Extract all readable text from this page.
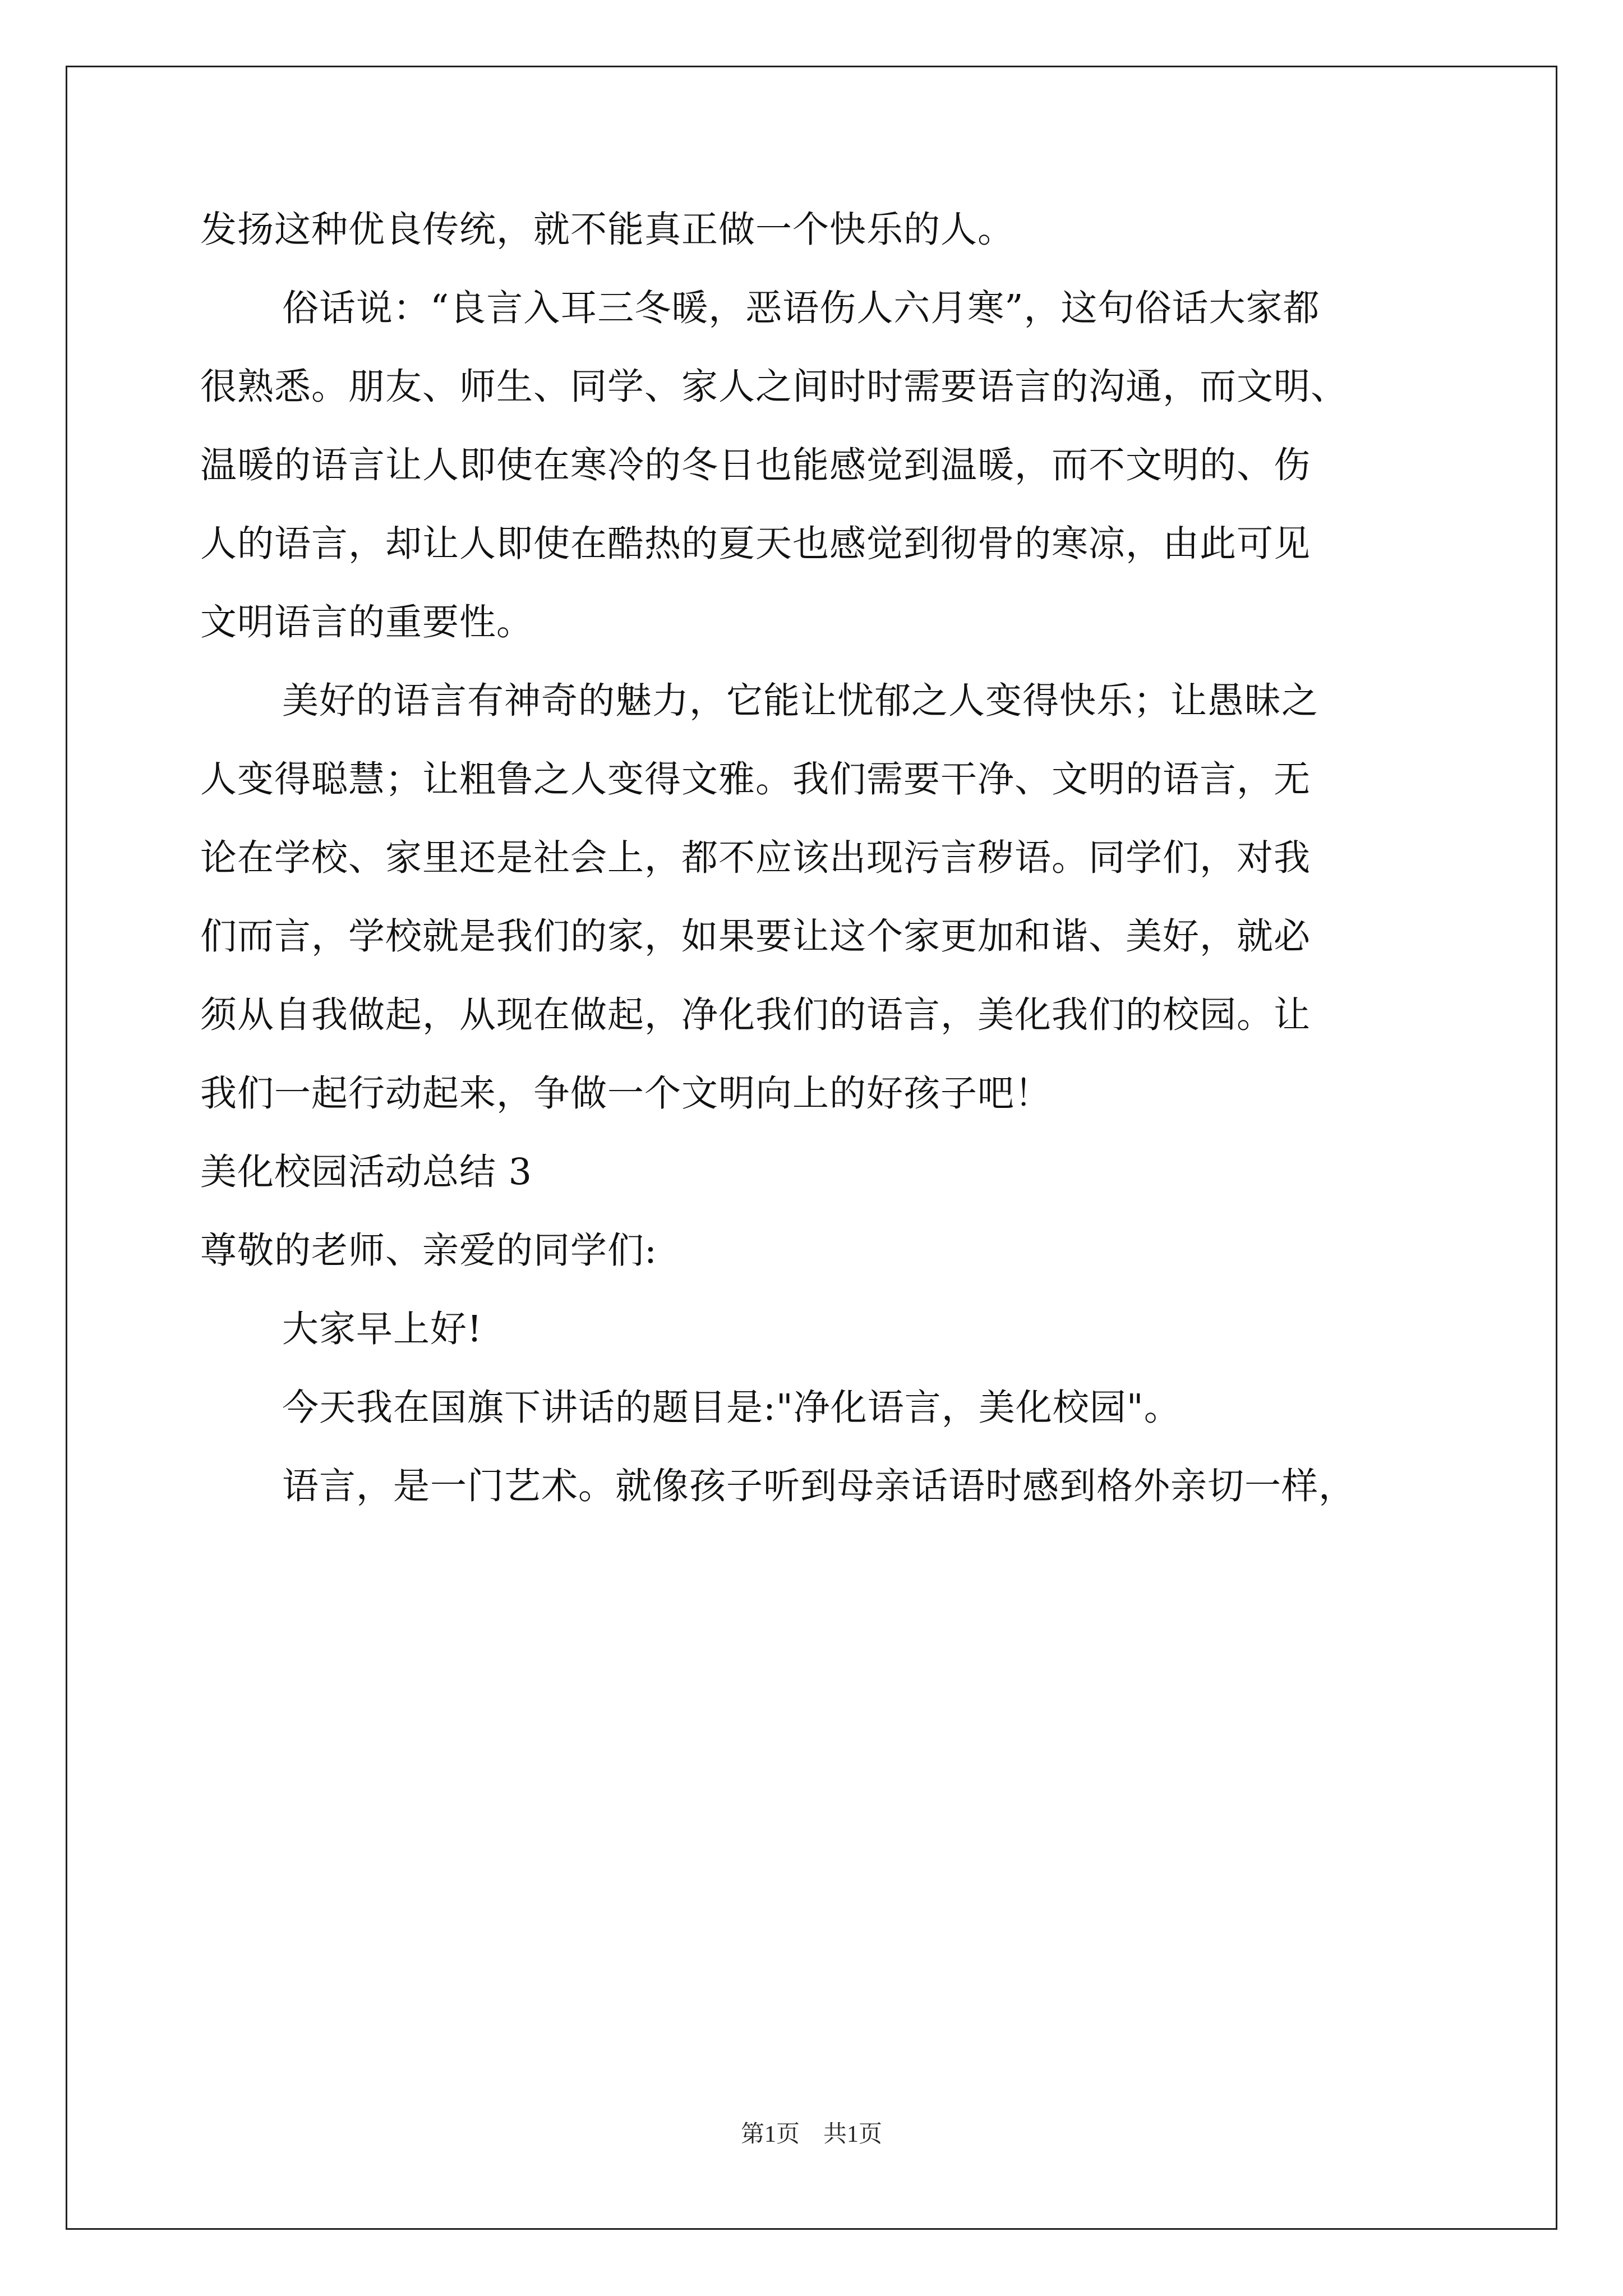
发扬这种优良传统，就不能真正做一个快乐的人。
俗话说：“良言入耳三冬暖，恶语伤人六月寒”，这句俗话大家都
很熟悉。朋友、师生、同学、家人之间时时需要语言的沟通，而文明、
温暖的语言让人即使在寒冷的冬日也能感觉到温暖，而不文明的、伤
人的语言，却让人即使在酷热的夏天也感觉到彻骨的寒凉，由此可见
文明语言的重要性。
美好的语言有神奇的魅力，它能让忧郁之人变得快乐；让愚昧之
人变得聪慧；让粗鲁之人变得文雅。我们需要干净、文明的语言，无
论在学校、家里还是社会上，都不应该出现污言秽语。同学们，对我
们而言，学校就是我们的家，如果要让这个家更加和谐、美好，就必
须从自我做起，从现在做起，净化我们的语言，美化我们的校园。让
我们一起行动起来，争做一个文明向上的好孩子吧！
美化校园活动总结 3
尊敬的老师、亲爱的同学们:
大家早上好!
今天我在国旗下讲话的题目是:"净化语言，美化校园"。
语言，是一门艺术。就像孩子听到母亲话语时感到格外亲切一样，
第1页　共1页
